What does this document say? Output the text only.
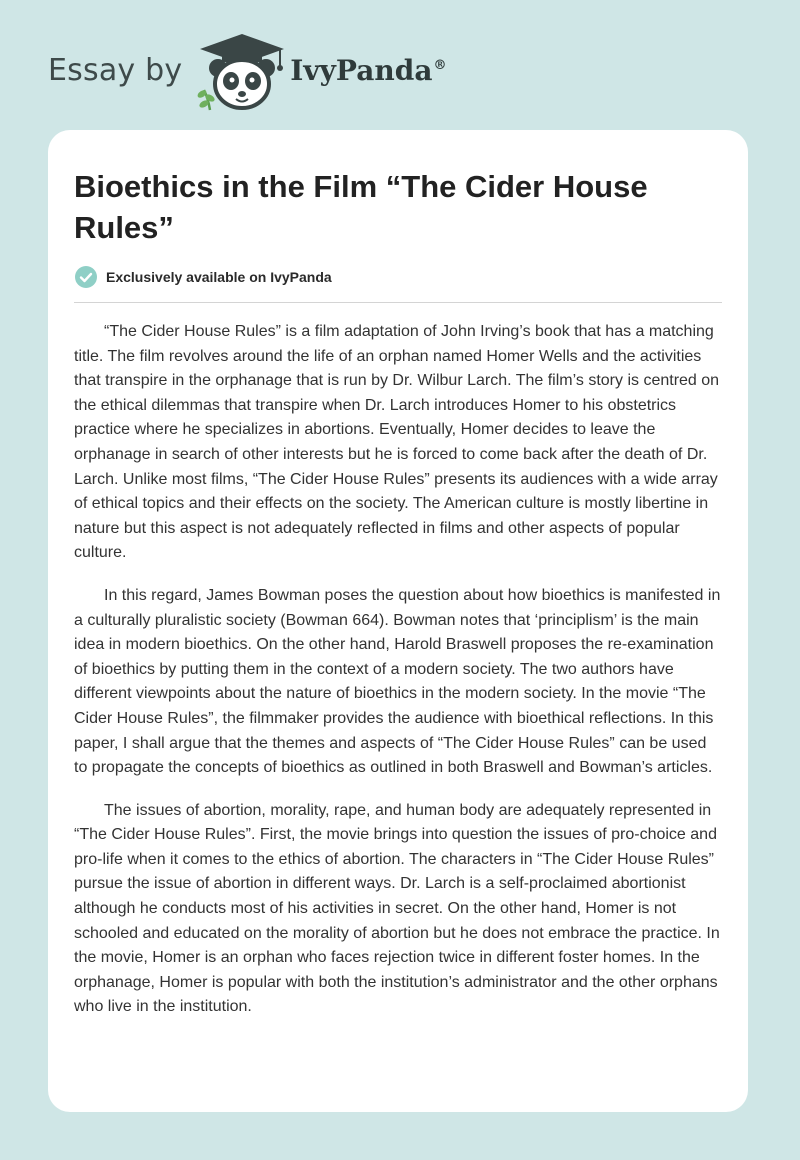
Essay by	IvyPanda®
Bioethics in the Film “The Cider House Rules”
Exclusively available on IvyPanda

“The Cider House Rules” is a film adaptation of John Irving’s book that has a matching title. The film revolves around the life of an orphan named Homer Wells and the activities that transpire in the orphanage that is run by Dr. Wilbur Larch. The film’s story is centred on the ethical dilemmas that transpire when Dr. Larch introduces Homer to his obstetrics practice where he specializes in abortions. Eventually, Homer decides to leave the orphanage in search of other interests but he is forced to come back after the death of Dr. Larch. Unlike most films, “The Cider House Rules” presents its audiences with a wide array of ethical topics and their effects on the society. The American culture is mostly libertine in nature but this aspect is not adequately reflected in films and other aspects of popular culture.

In this regard, James Bowman poses the question about how bioethics is manifested in a culturally pluralistic society (Bowman 664). Bowman notes that ‘principlism’ is the main idea in modern bioethics. On the other hand, Harold Braswell proposes the re-examination of bioethics by putting them in the context of a modern society. The two authors have different viewpoints about the nature of bioethics in the modern society. In the movie “The Cider House Rules”, the filmmaker provides the audience with bioethical reflections. In this paper, I shall argue that the themes and aspects of “The Cider House Rules” can be used to propagate the concepts of bioethics as outlined in both Braswell and Bowman’s articles.

The issues of abortion, morality, rape, and human body are adequately represented in “The Cider House Rules”. First, the movie brings into question the issues of pro-choice and pro-life when it comes to the ethics of abortion. The characters in “The Cider House Rules” pursue the issue of abortion in different ways. Dr. Larch is a self-proclaimed abortionist although he conducts most of his activities in secret. On the other hand, Homer is not schooled and educated on the morality of abortion but he does not embrace the practice. In the movie, Homer is an orphan who faces rejection twice in different foster homes. In the orphanage, Homer is popular with both the institution’s administrator and the other orphans who live in the institution.
